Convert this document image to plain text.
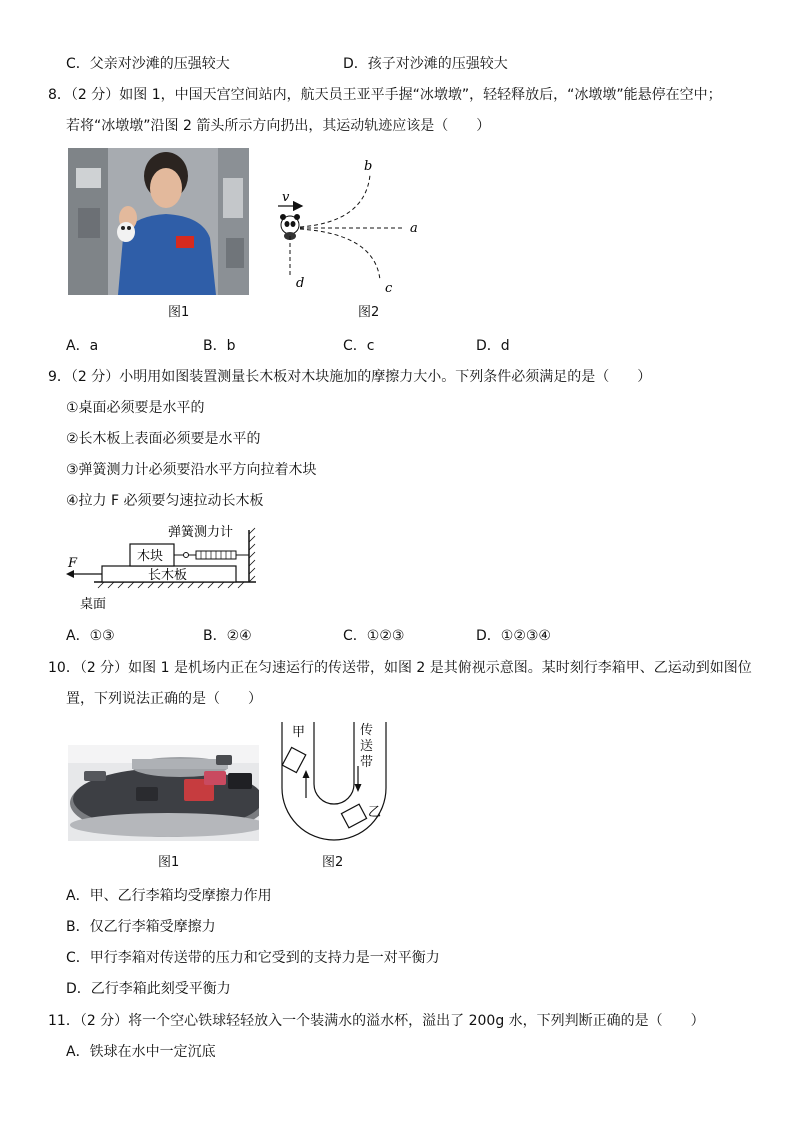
C．父亲对沙滩的压强较大	D．孩子对沙滩的压强较大
8．（2 分）如图 1，中国天宫空间站内，航天员王亚平手握“冰墩墩”，轻轻释放后，“冰墩墩”能悬停在空中；
若将“冰墩墩”沿图 2 箭头所示方向扔出，其运动轨迹应该是（　　）
图1
v
a
b
c
d
图2
A．a	B．b	C．c	D．d
9．（2 分）小明用如图装置测量长木板对木块施加的摩擦力大小。下列条件必须满足的是（　　）
①桌面必须要是水平的
②长木板上表面必须要是水平的
③弹簧测力计必须要沿水平方向拉着木块
④拉力 F 必须要匀速拉动长木板
F
弹簧测力计
木块
长木板
桌面
A．①③	B．②④	C．①②③	D．①②③④
10．（2 分）如图 1 是机场内正在匀速运行的传送带，如图 2 是其俯视示意图。某时刻行李箱甲、乙运动到如图位
置，下列说法正确的是（　　）
图1
甲
乙
传送带
图2
A．甲、乙行李箱均受摩擦力作用
B．仅乙行李箱受摩擦力
C．甲行李箱对传送带的压力和它受到的支持力是一对平衡力
D．乙行李箱此刻受平衡力
11．（2 分）将一个空心铁球轻轻放入一个装满水的溢水杯，溢出了 200g 水，下列判断正确的是（　　）
A．铁球在水中一定沉底
